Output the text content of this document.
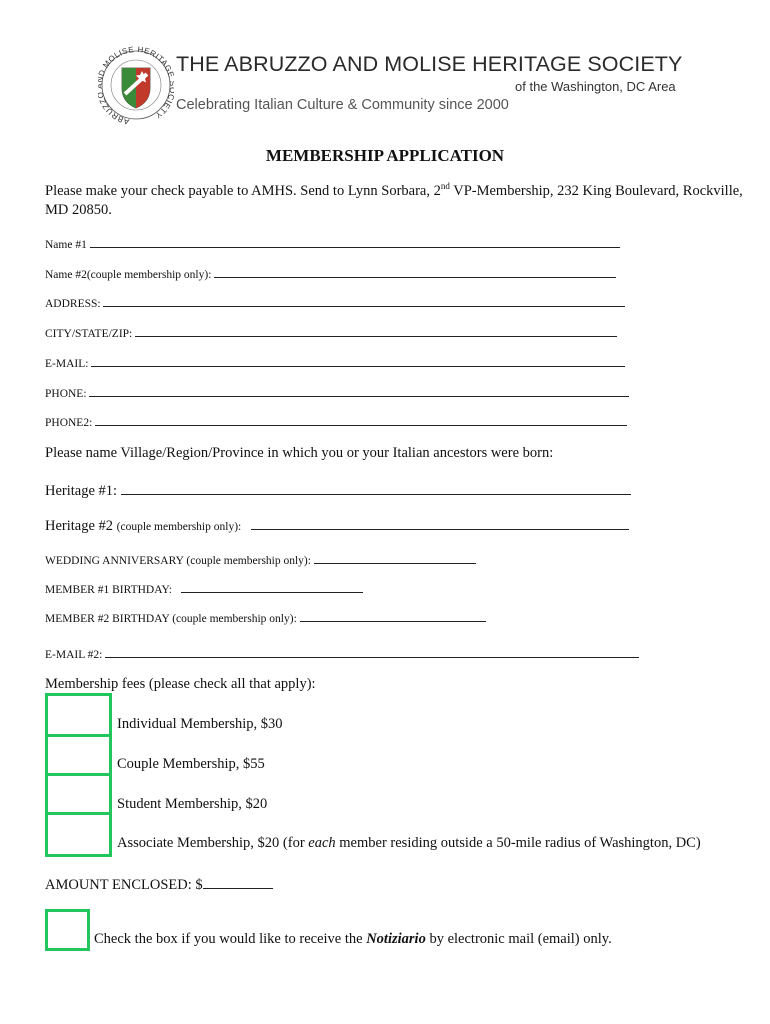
ABRUZZ MOLISE HERITAG IETY
THE ABRUZZO AND MOLISE HERITAGE SOCIETY
of the Washington, DC Area
Celebrating Italian Culture & Community since 2000
MEMBERSHIP APPLICATION
Please make your check payable to AMHS. Send to Lynn Sorbara, 2nd VP-Membership, 232 King Boulevard, Rockville, MD 20850.
Name #1
Name #2(couple membership only):
ADDRESS:
CITY/STATE/ZIP:
E-MAIL:
PHONE:
PHONE2:
Please name Village/Region/Province in which you or your Italian ancestors were born:
Heritage #1:
Heritage #2 (couple membership only):
WEDDING ANNIVERSARY (couple membership only):
MEMBER #1 BIRTHDAY:
MEMBER #2 BIRTHDAY (couple membership only):
E-MAIL #2:
Membership fees (please check all that apply):
Individual Membership, $30
Couple Membership, $55
Student Membership, $20
Associate Membership, $20 (for each member residing outside a 50-mile radius of Washington, DC)
AMOUNT ENCLOSED: $
Check the box if you would like to receive the Notiziario by electronic mail (email) only.
